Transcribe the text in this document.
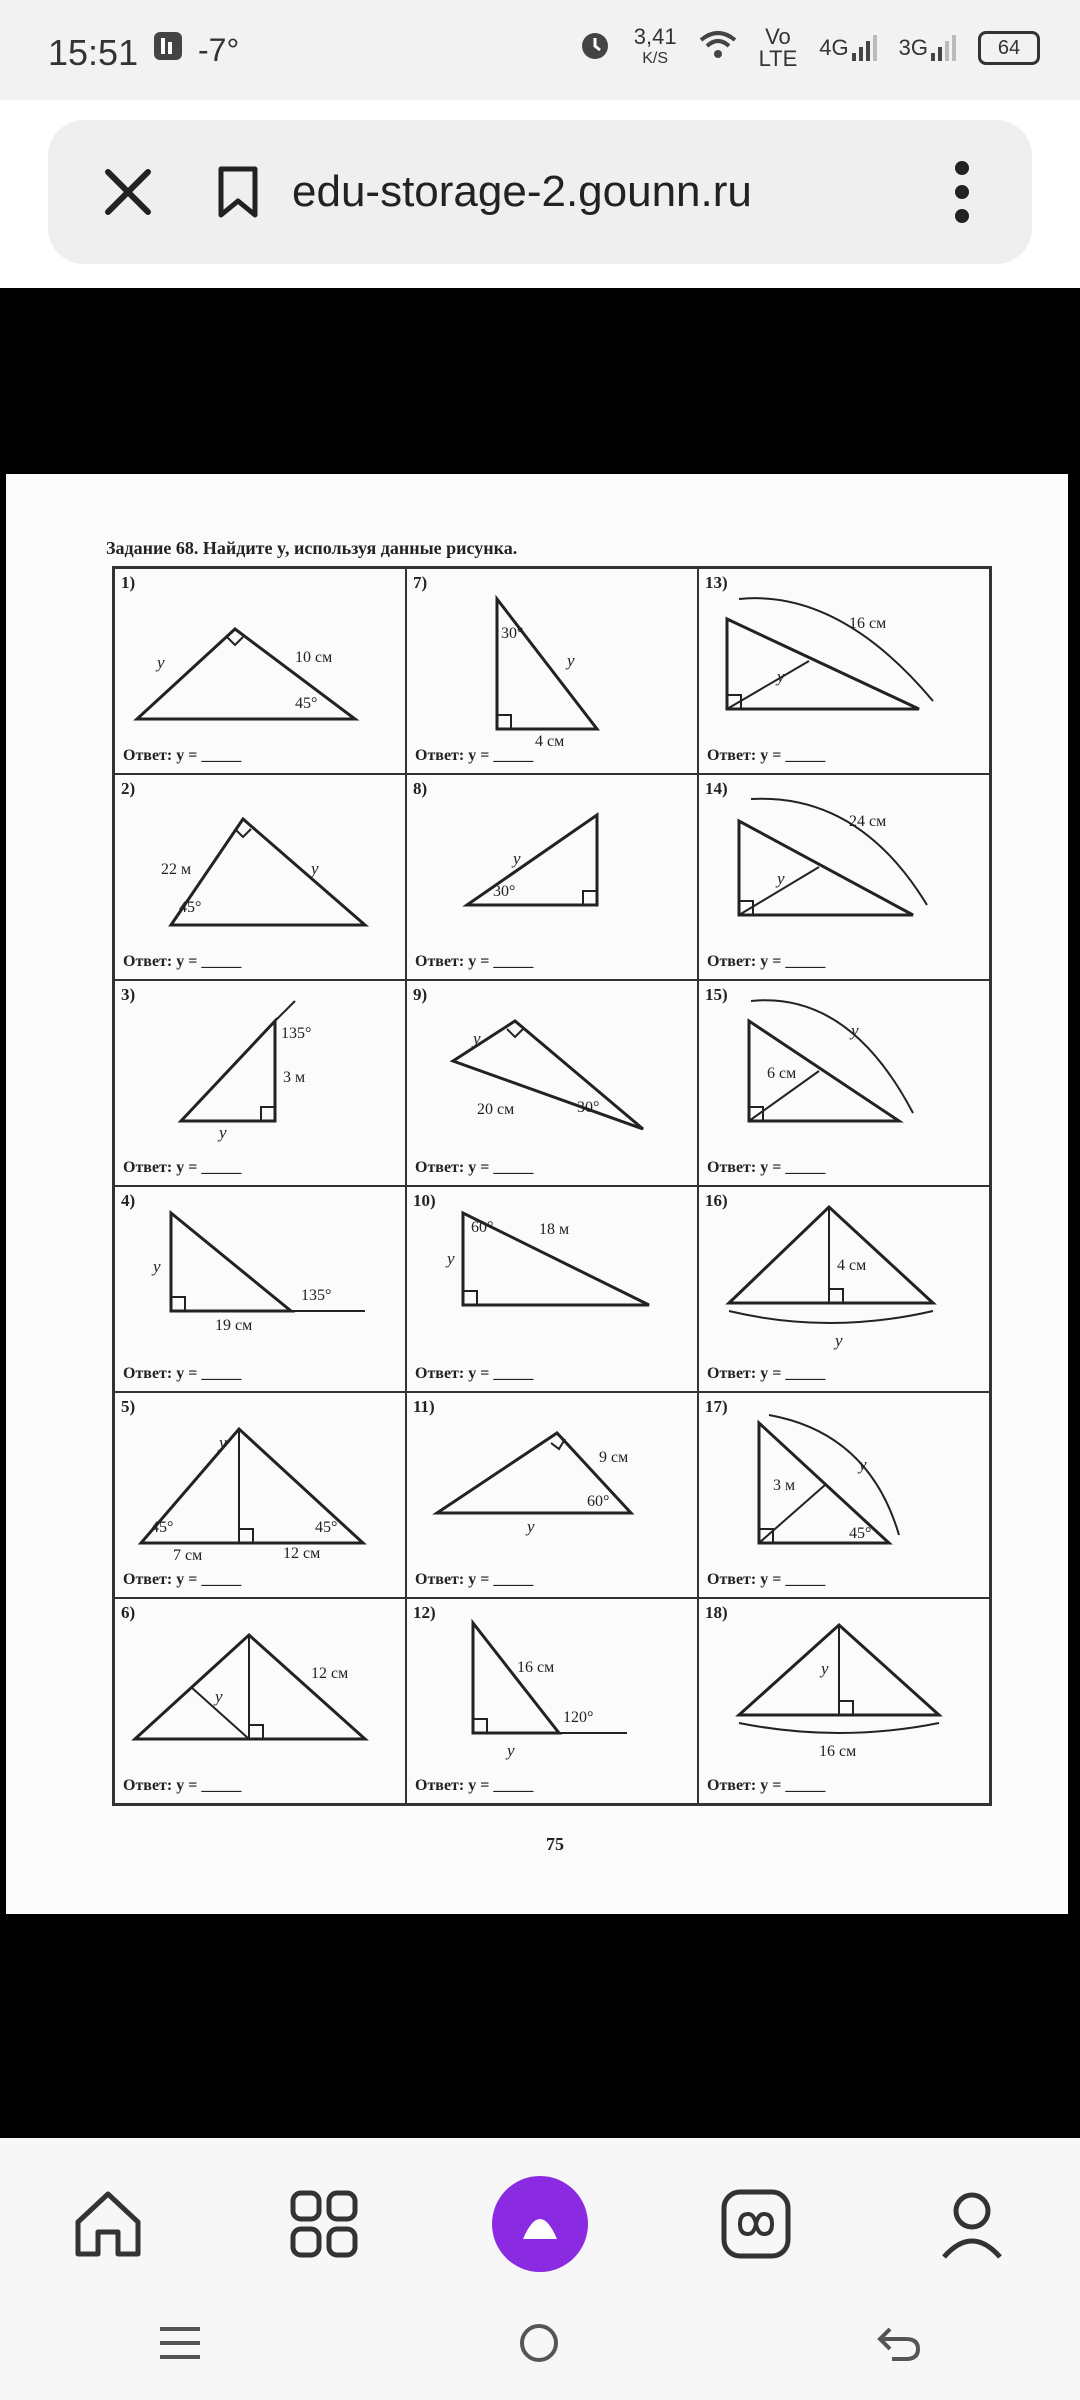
15:51 -7°	3,41
K/S
Vo
LTE 4G 3G	64
edu-storage-2.gounn.ru
Задание 68. Найдите y, используя данные рисунка.
1)
y	10 см
45°
Ответ: y = _____
7)
30°
y
4 см
Ответ: y = _____
13)
16 см
y
Ответ: y = _____
2)
22 м	y
45°
Ответ: y = _____
8)
y
30°
Ответ: y = _____
14)
24 см
y
Ответ: y = _____
3)
135°
3 м
y
Ответ: y = _____
9)
y
20 см	30°
Ответ: y = _____
15)
y
6 см
Ответ: y = _____
4)
y
135°
19 см
Ответ: y = _____
10)
60°	18 м
y
Ответ: y = _____
16)
4 см
y
Ответ: y = _____
5)
y
45°
7 см	12 см
45°
Ответ: y = _____
11)
9 см
60°
y
Ответ: y = _____
17)
3 м
y
45°
Ответ: y = _____
6)
y
12 см
Ответ: y = _____
12)
16 см
120°
y
Ответ: y = _____
18)
y
16 см
Ответ: y = _____
75
